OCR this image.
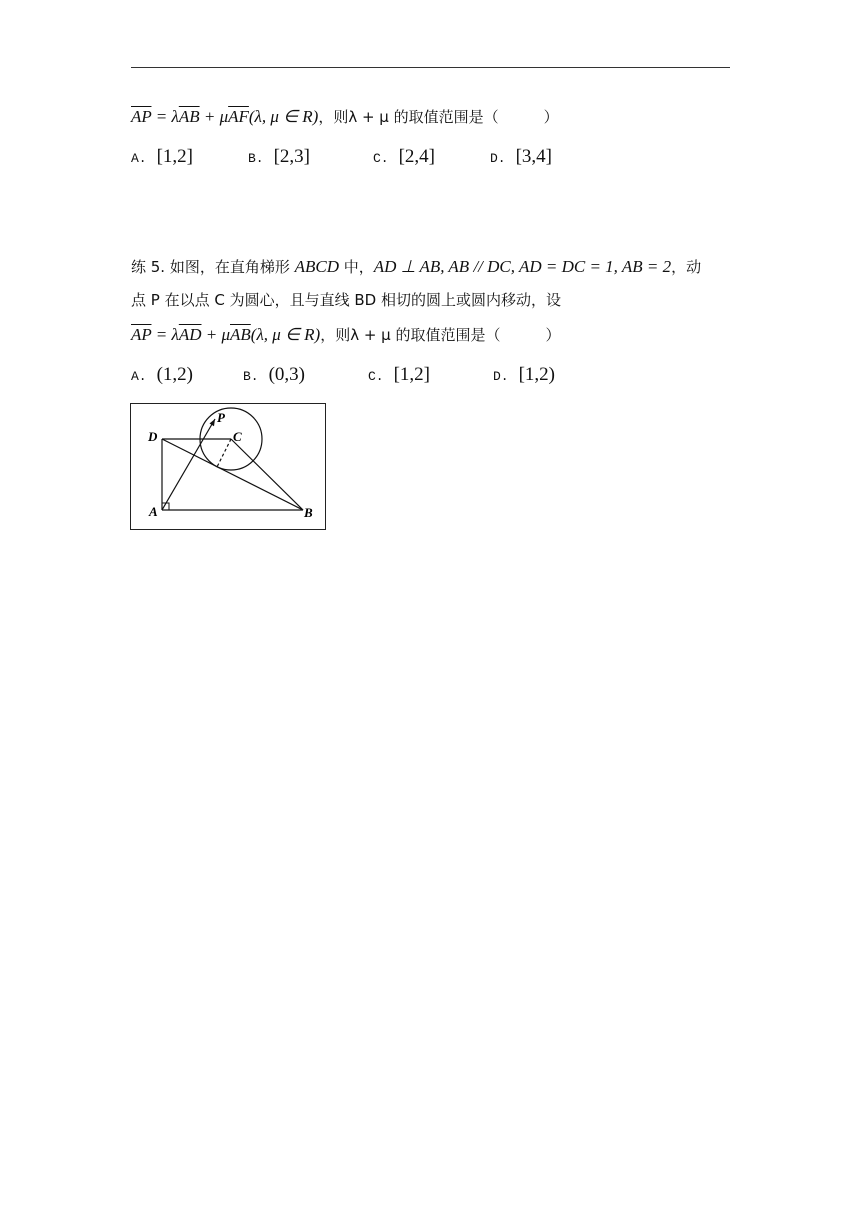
$\overline{AP} = \lambda\overline{AB} + \mu\overline{AF}(\lambda$, μ ∈ R)，则λ + μ 的取值范围是（　　　）
A. [1,2]	B. [2,3]	C. [2,4]	D. [3,4]
练 5. 如图，在直角梯形 ABCD 中，AD ⊥ AB, AB // DC, AD = DC = 1, AB = 2，动
点 P 在以点 C 为圆心，且与直线 BD 相切的圆上或圆内移动，设
$\overline{AP} = \lambda\overline{AD} + \mu\overline{AB}(\lambda$, μ ∈ R)，则λ + μ 的取值范围是（　　　）
A. (1,2)	B. (0,3)	C. [1,2]	D. [1,2)
P
C
D
A	B
